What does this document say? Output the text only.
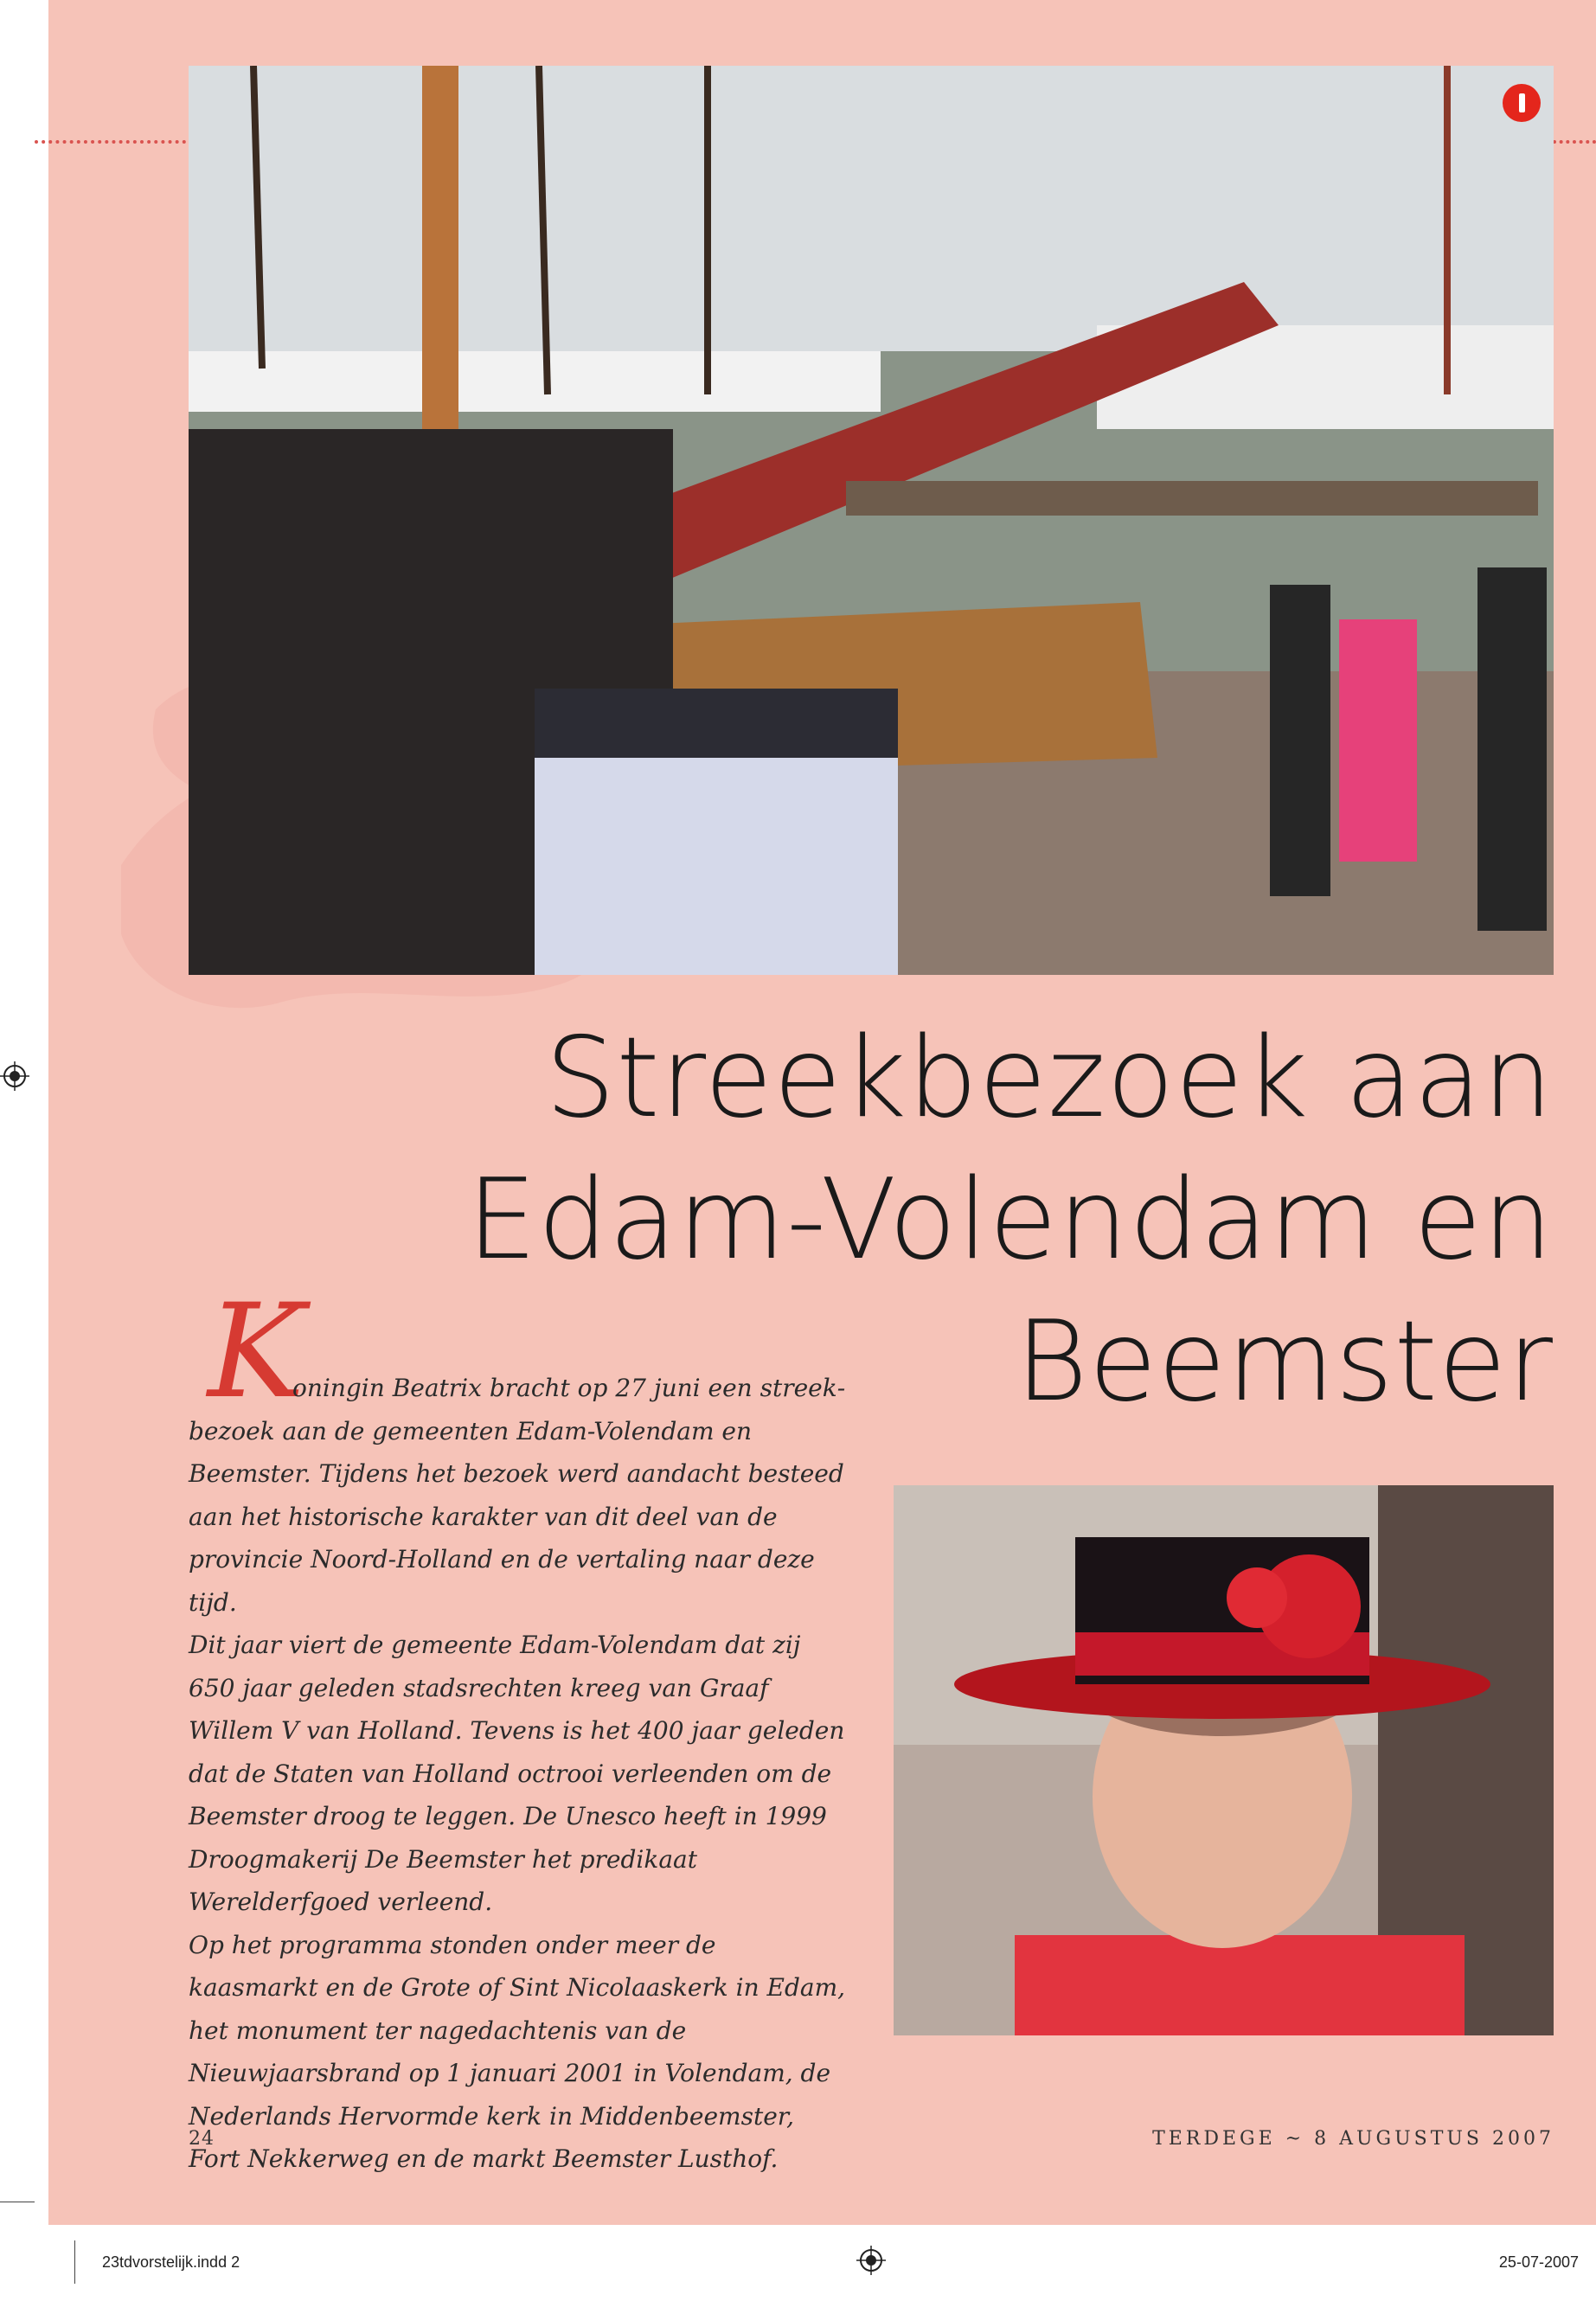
Streekbezoek aan
Edam-Volendam en
Beemster
K

oningin Beatrix bracht op 27 juni een streekbezoek aan de gemeenten Edam-Volendam en Beemster. Tijdens het bezoek werd aandacht besteed aan het historische karakter van dit deel van de provincie Noord-Holland en de vertaling naar deze tijd.

Dit jaar viert de gemeente Edam-Volendam dat zij 650 jaar geleden stadsrechten kreeg van Graaf Willem V van Holland. Tevens is het 400 jaar geleden dat de Staten van Holland octrooi verleenden om de Beemster droog te leggen. De Unesco heeft in 1999 Droogmakerij De Beemster het predikaat Werelderfgoed verleend.

Op het programma stonden onder meer de kaasmarkt en de Grote of Sint Nicolaaskerk in Edam, het monument ter nagedachtenis van de Nieuwjaarsbrand op 1 januari 2001 in Volendam, de Nederlands Hervormde kerk in Middenbeemster, Fort Nekkerweg en de markt Beemster Lusthof.

24	TERDEGE ~ 8 AUGUSTUS 2007
23tdvorstelijk.indd 2	25-07-2007
